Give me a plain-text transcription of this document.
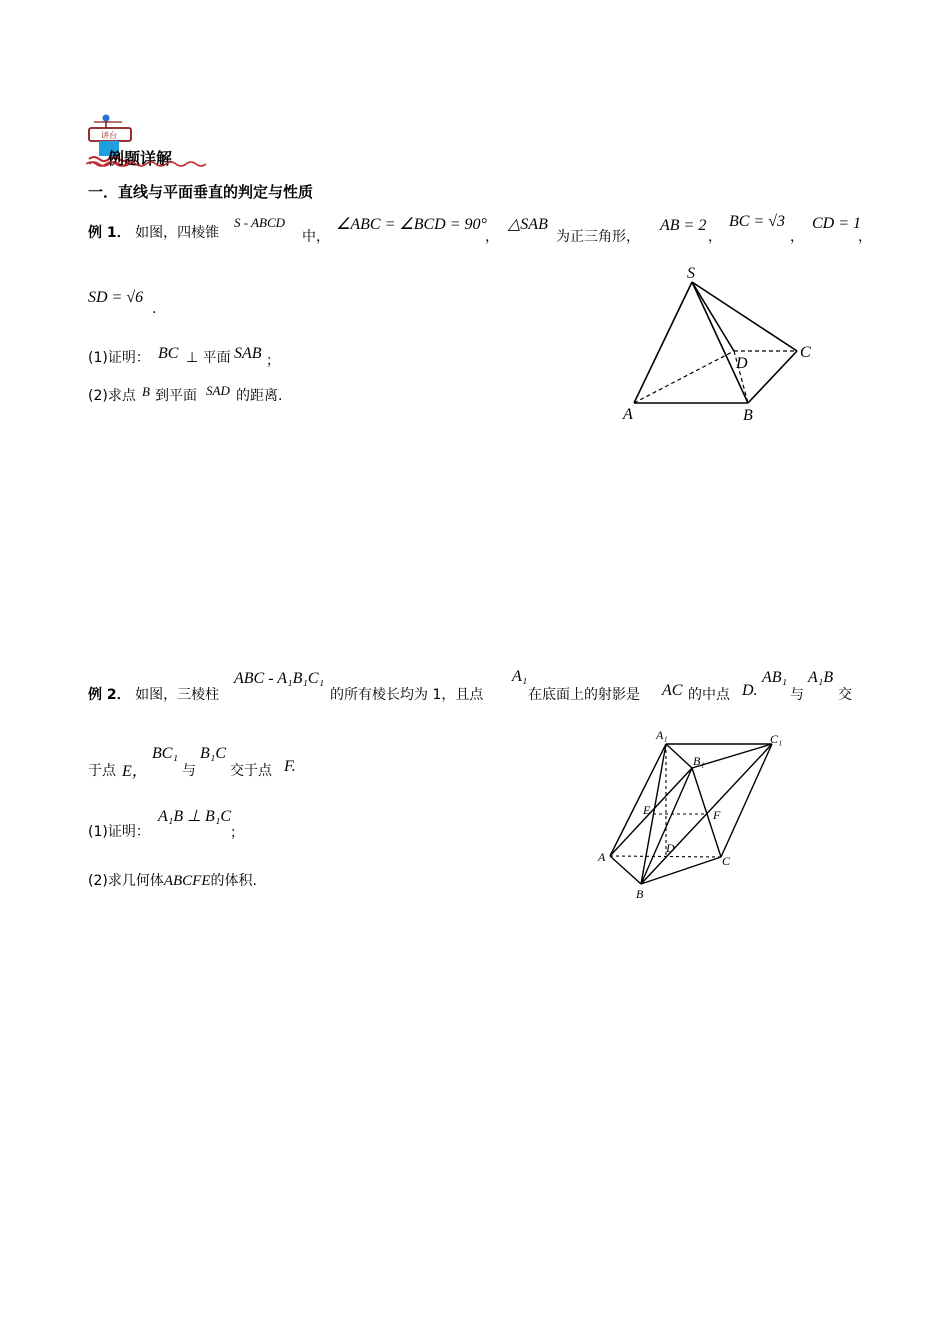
讲台
例题详解
一．直线与平面垂直的判定与性质
例 1． 如图，四棱锥
S - ABCD
中，
∠ABC = ∠BCD = 90°
，
△SAB
为正三角形，
AB = 2
，
BC = √3
，
CD = 1
，
SD = √6
.
(1)证明： BC ⊥ 平面 SAB ；
(2)求点 B 到平面 SAD 的距离.
S
A	B
C
D
例 2． 如图，三棱柱
ABC - A₁B₁C₁
的所有棱长均为 1，且点
A₁
在底面上的射影是 AC 的中点 D.
AB₁
与
A₁B
交
于点 E，
BC₁
与
B₁C
交于点 F.
(1)证明：
A₁B ⊥ B₁C
；
(2)求几何体ABCFE的体积.
A₁	C₁
B₁
E	F
D
A	C
B
